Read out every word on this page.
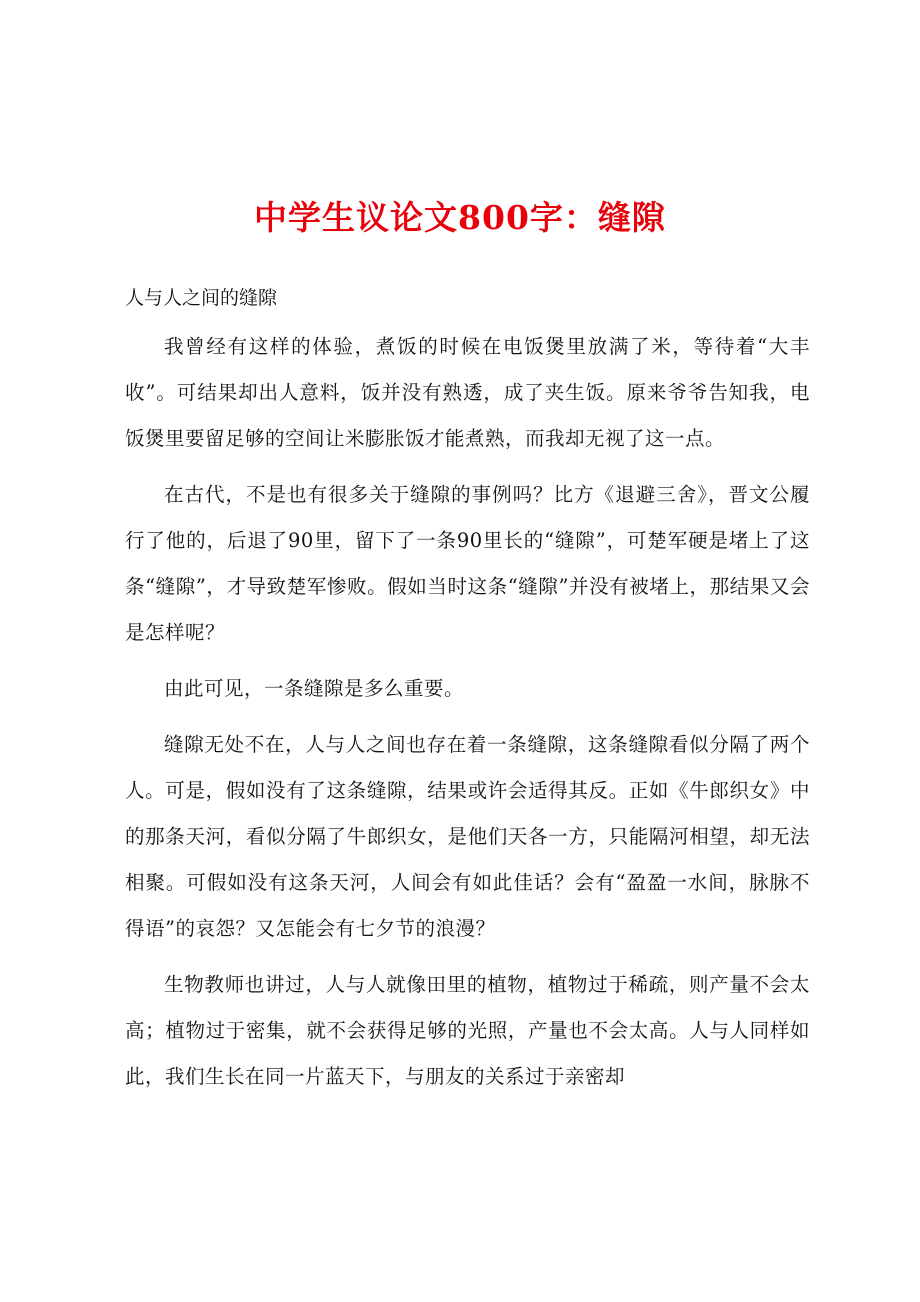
中学生议论文800字：缝隙

人与人之间的缝隙

我曾经有这样的体验，煮饭的时候在电饭煲里放满了米，等待着“大丰收”。可结果却出人意料，饭并没有熟透，成了夹生饭。原来爷爷告知我，电饭煲里要留足够的空间让米膨胀饭才能煮熟，而我却无视了这一点。

在古代，不是也有很多关于缝隙的事例吗？比方《退避三舍》，晋文公履行了他的，后退了90里，留下了一条90里长的“缝隙”，可楚军硬是堵上了这条“缝隙”，才导致楚军惨败。假如当时这条“缝隙”并没有被堵上，那结果又会是怎样呢？

由此可见，一条缝隙是多么重要。

缝隙无处不在，人与人之间也存在着一条缝隙，这条缝隙看似分隔了两个人。可是，假如没有了这条缝隙，结果或许会适得其反。正如《牛郎织女》中的那条天河，看似分隔了牛郎织女，是他们天各一方，只能隔河相望，却无法相聚。可假如没有这条天河，人间会有如此佳话？会有“盈盈一水间，脉脉不得语”的哀怨？又怎能会有七夕节的浪漫？

生物教师也讲过，人与人就像田里的植物，植物过于稀疏，则产量不会太高；植物过于密集，就不会获得足够的光照，产量也不会太高。人与人同样如此，我们生长在同一片蓝天下，与朋友的关系过于亲密却
